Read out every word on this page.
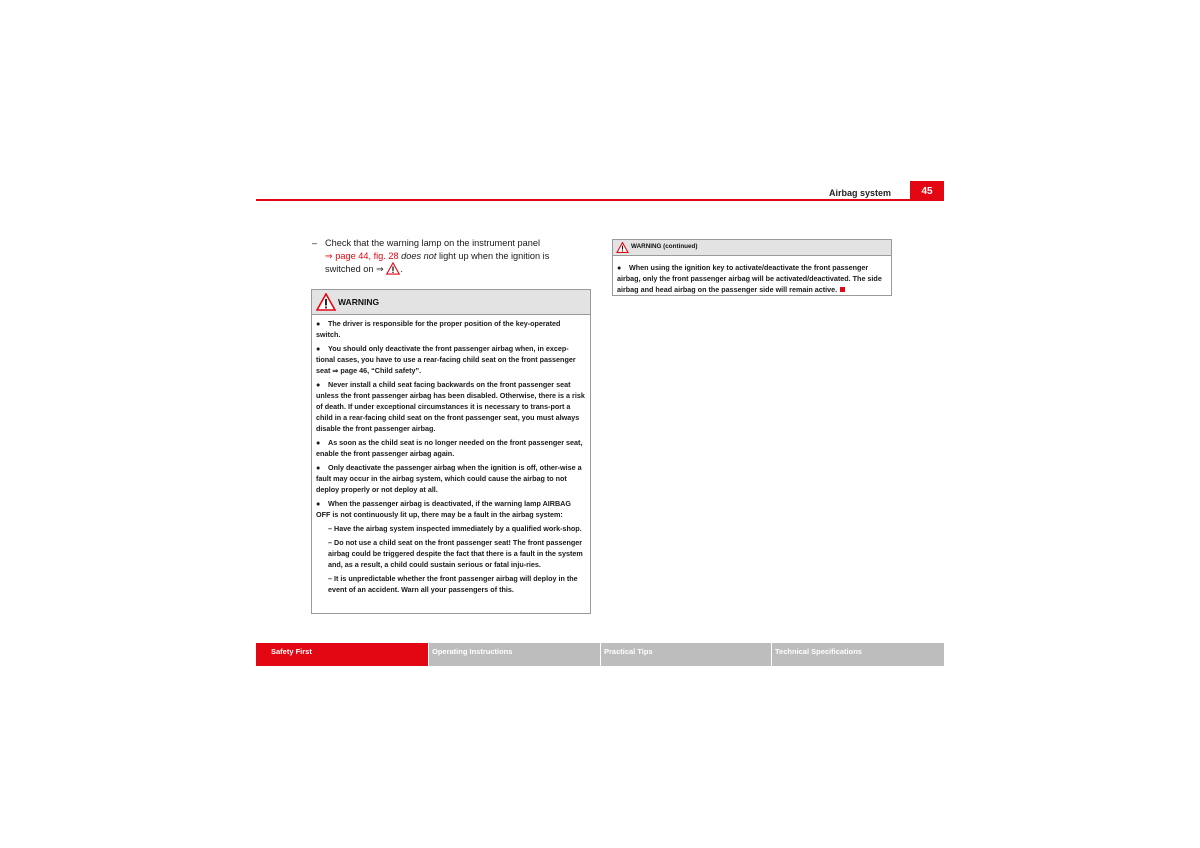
Airbag system	45
– Check that the warning lamp on the instrument panel
⇒ page 44, fig. 28 does not light up when the ignition is switched on ⇒ .
WARNING

● The driver is responsible for the proper position of the key-operated switch.

● You should only deactivate the front passenger airbag when, in excep-tional cases, you have to use a rear-facing child seat on the front passenger seat ⇒ page 46, “Child safety”.

● Never install a child seat facing backwards on the front passenger seat unless the front passenger airbag has been disabled. Otherwise, there is a risk of death. If under exceptional circumstances it is necessary to trans-port a child in a rear-facing child seat on the front passenger seat, you must always disable the front passenger airbag.

● As soon as the child seat is no longer needed on the front passenger seat, enable the front passenger airbag again.

● Only deactivate the passenger airbag when the ignition is off, other-wise a fault may occur in the airbag system, which could cause the airbag to not deploy properly or not deploy at all.

● When the passenger airbag is deactivated, if the warning lamp AIRBAG OFF is not continuously lit up, there may be a fault in the airbag system:

– Have the airbag system inspected immediately by a qualified work-shop.

– Do not use a child seat on the front passenger seat! The front passenger airbag could be triggered despite the fact that there is a fault in the system and, as a result, a child could sustain serious or fatal inju-ries.

– It is unpredictable whether the front passenger airbag will deploy in the event of an accident. Warn all your passengers of this.

WARNING (continued)

● When using the ignition key to activate/deactivate the front passenger airbag, only the front passenger airbag will be activated/deactivated. The side airbag and head airbag on the passenger side will remain active.

Safety First	Operating Instructions	Practical Tips	Technical Specifications
